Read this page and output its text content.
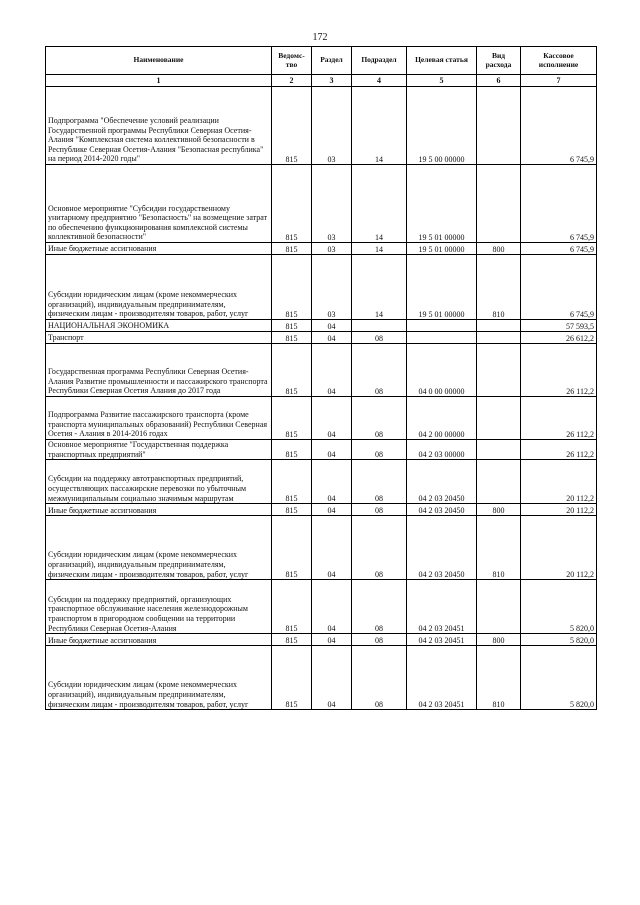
172
Наименование	Ведомс-тво	Раздел	Подраздел	Целевая статья	Вид расхода	Кассовое исполнение
1	2	3	4	5	6	7
Подпрограмма "Обеспечение условий реализации Государственной программы Республики Северная Осетия-Алания "Комплексная система коллективной безопасности в Республике Северная Осетия-Алания "Безопасная республика" на период 2014-2020 годы"	815	03	14	19 5 00 00000		6 745,9
Основное мероприятие "Субсидии государственному унитарному предприятию "Безопасность" на возмещение затрат по обеспечению функционирования комплексной системы коллективной безопасности"	815	03	14	19 5 01 00000		6 745,9
Иные бюджетные ассигнования	815	03	14	19 5 01 00000	800	6 745,9
Субсидии юридическим лицам (кроме некоммерческих организаций), индивидуальным предпринимателям, физическим лицам - производителям товаров, работ, услуг	815	03	14	19 5 01 00000	810	6 745,9
НАЦИОНАЛЬНАЯ ЭКОНОМИКА	815	04				57 593,5
Транспорт	815	04	08			26 612,2
Государственная программа Республики Северная Осетия-Алания Развитие промышленности и пассажирского транспорта Республики Северная Осетия Алания до 2017 года	815	04	08	04 0 00 00000		26 112,2
Подпрограмма Развитие пассажирского транспорта (кроме транспорта муниципальных образований) Республики Северная Осетия - Алания в 2014-2016 годах	815	04	08	04 2 00 00000		26 112,2
Основное мероприятие "Государственная поддержка транспортных предприятий"	815	04	08	04 2 03 00000		26 112,2
Субсидии на поддержку автотранспортных предприятий, осуществляющих пассажирские перевозки по убыточным межмуниципальным социально значимым маршрутам	815	04	08	04 2 03 20450		20 112,2
Иные бюджетные ассигнования	815	04	08	04 2 03 20450	800	20 112,2
Субсидии юридическим лицам (кроме некоммерческих организаций), индивидуальным предпринимателям, физическим лицам - производителям товаров, работ, услуг	815	04	08	04 2 03 20450	810	20 112,2
Субсидии на поддержку предприятий, организующих транспортное обслуживание населения железнодорожным транспортом в пригородном сообщении на территории Республики Северная Осетия-Алания	815	04	08	04 2 03 20451		5 820,0
Иные бюджетные ассигнования	815	04	08	04 2 03 20451	800	5 820,0
Субсидии юридическим лицам (кроме некоммерческих организаций), индивидуальным предпринимателям, физическим лицам - производителям товаров, работ, услуг	815	04	08	04 2 03 20451	810	5 820,0
